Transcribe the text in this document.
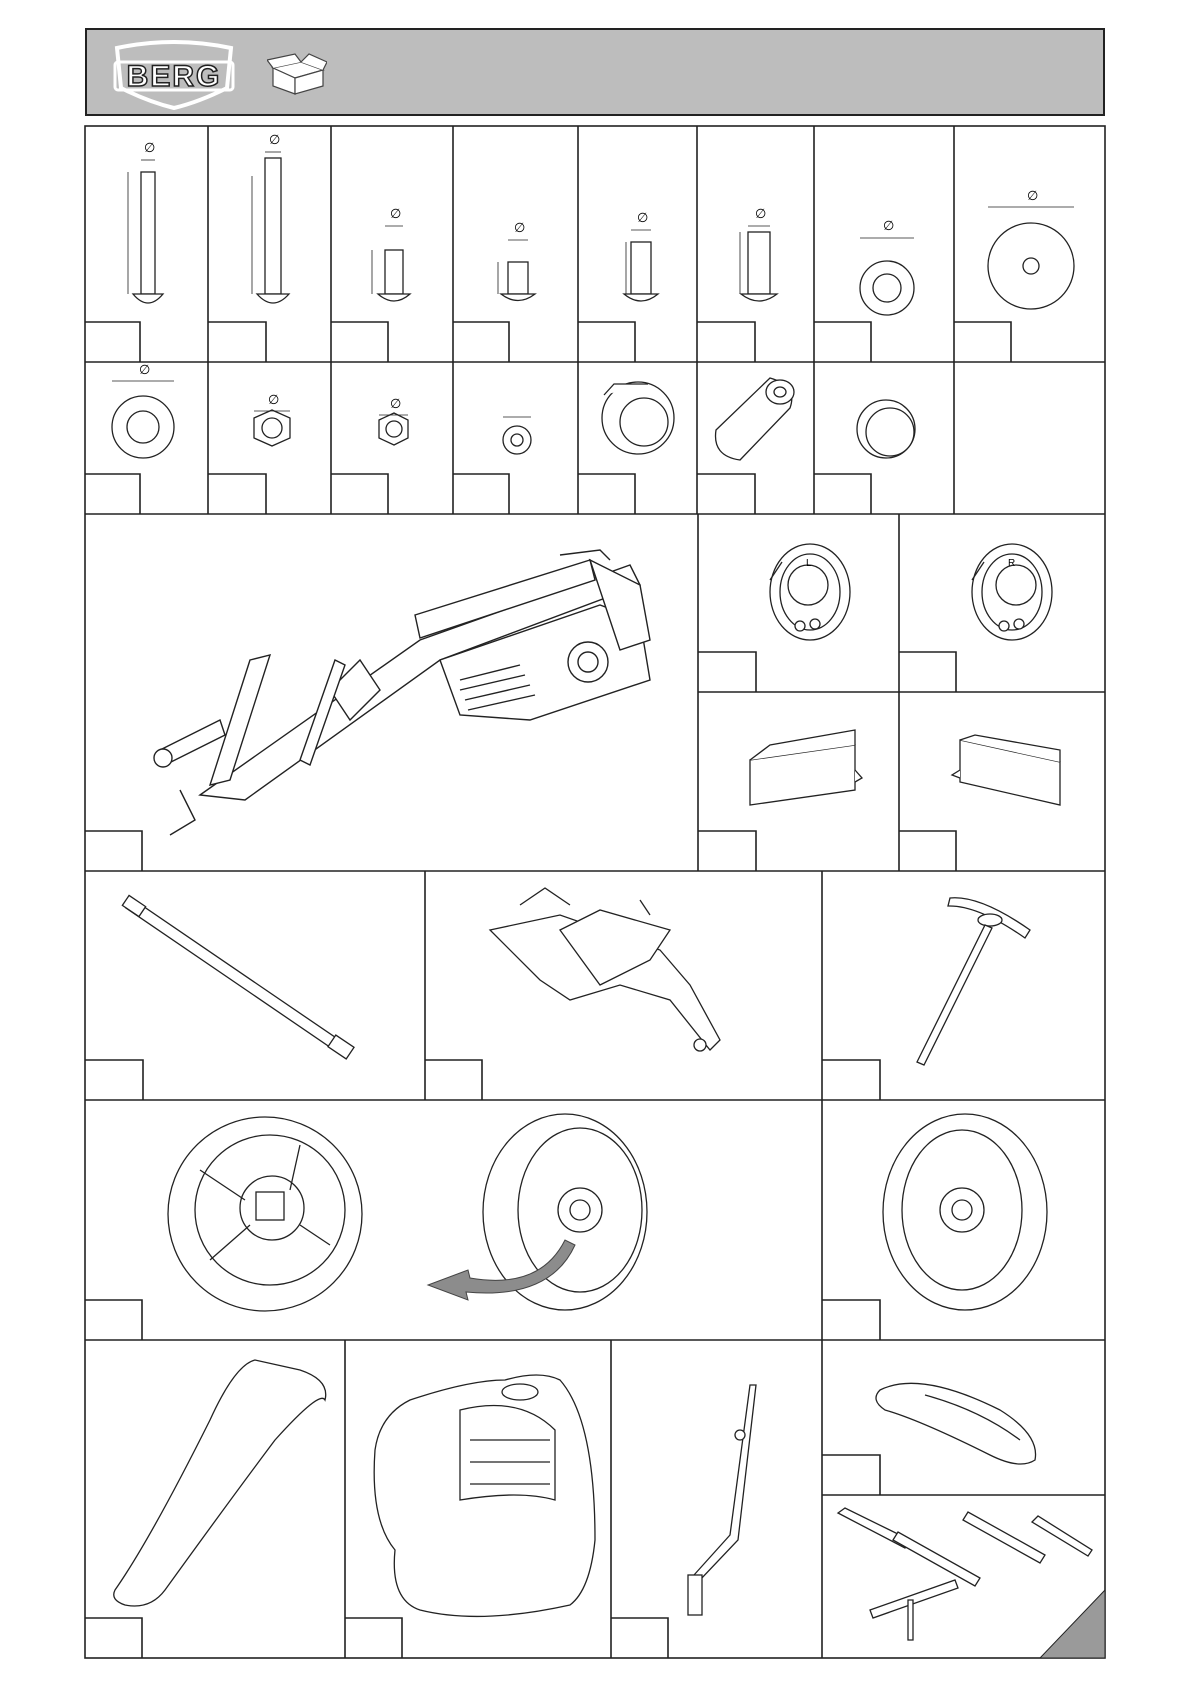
BERG
L	R
∅
∅
∅
∅
∅	∅
∅
∅
∅
∅	∅
